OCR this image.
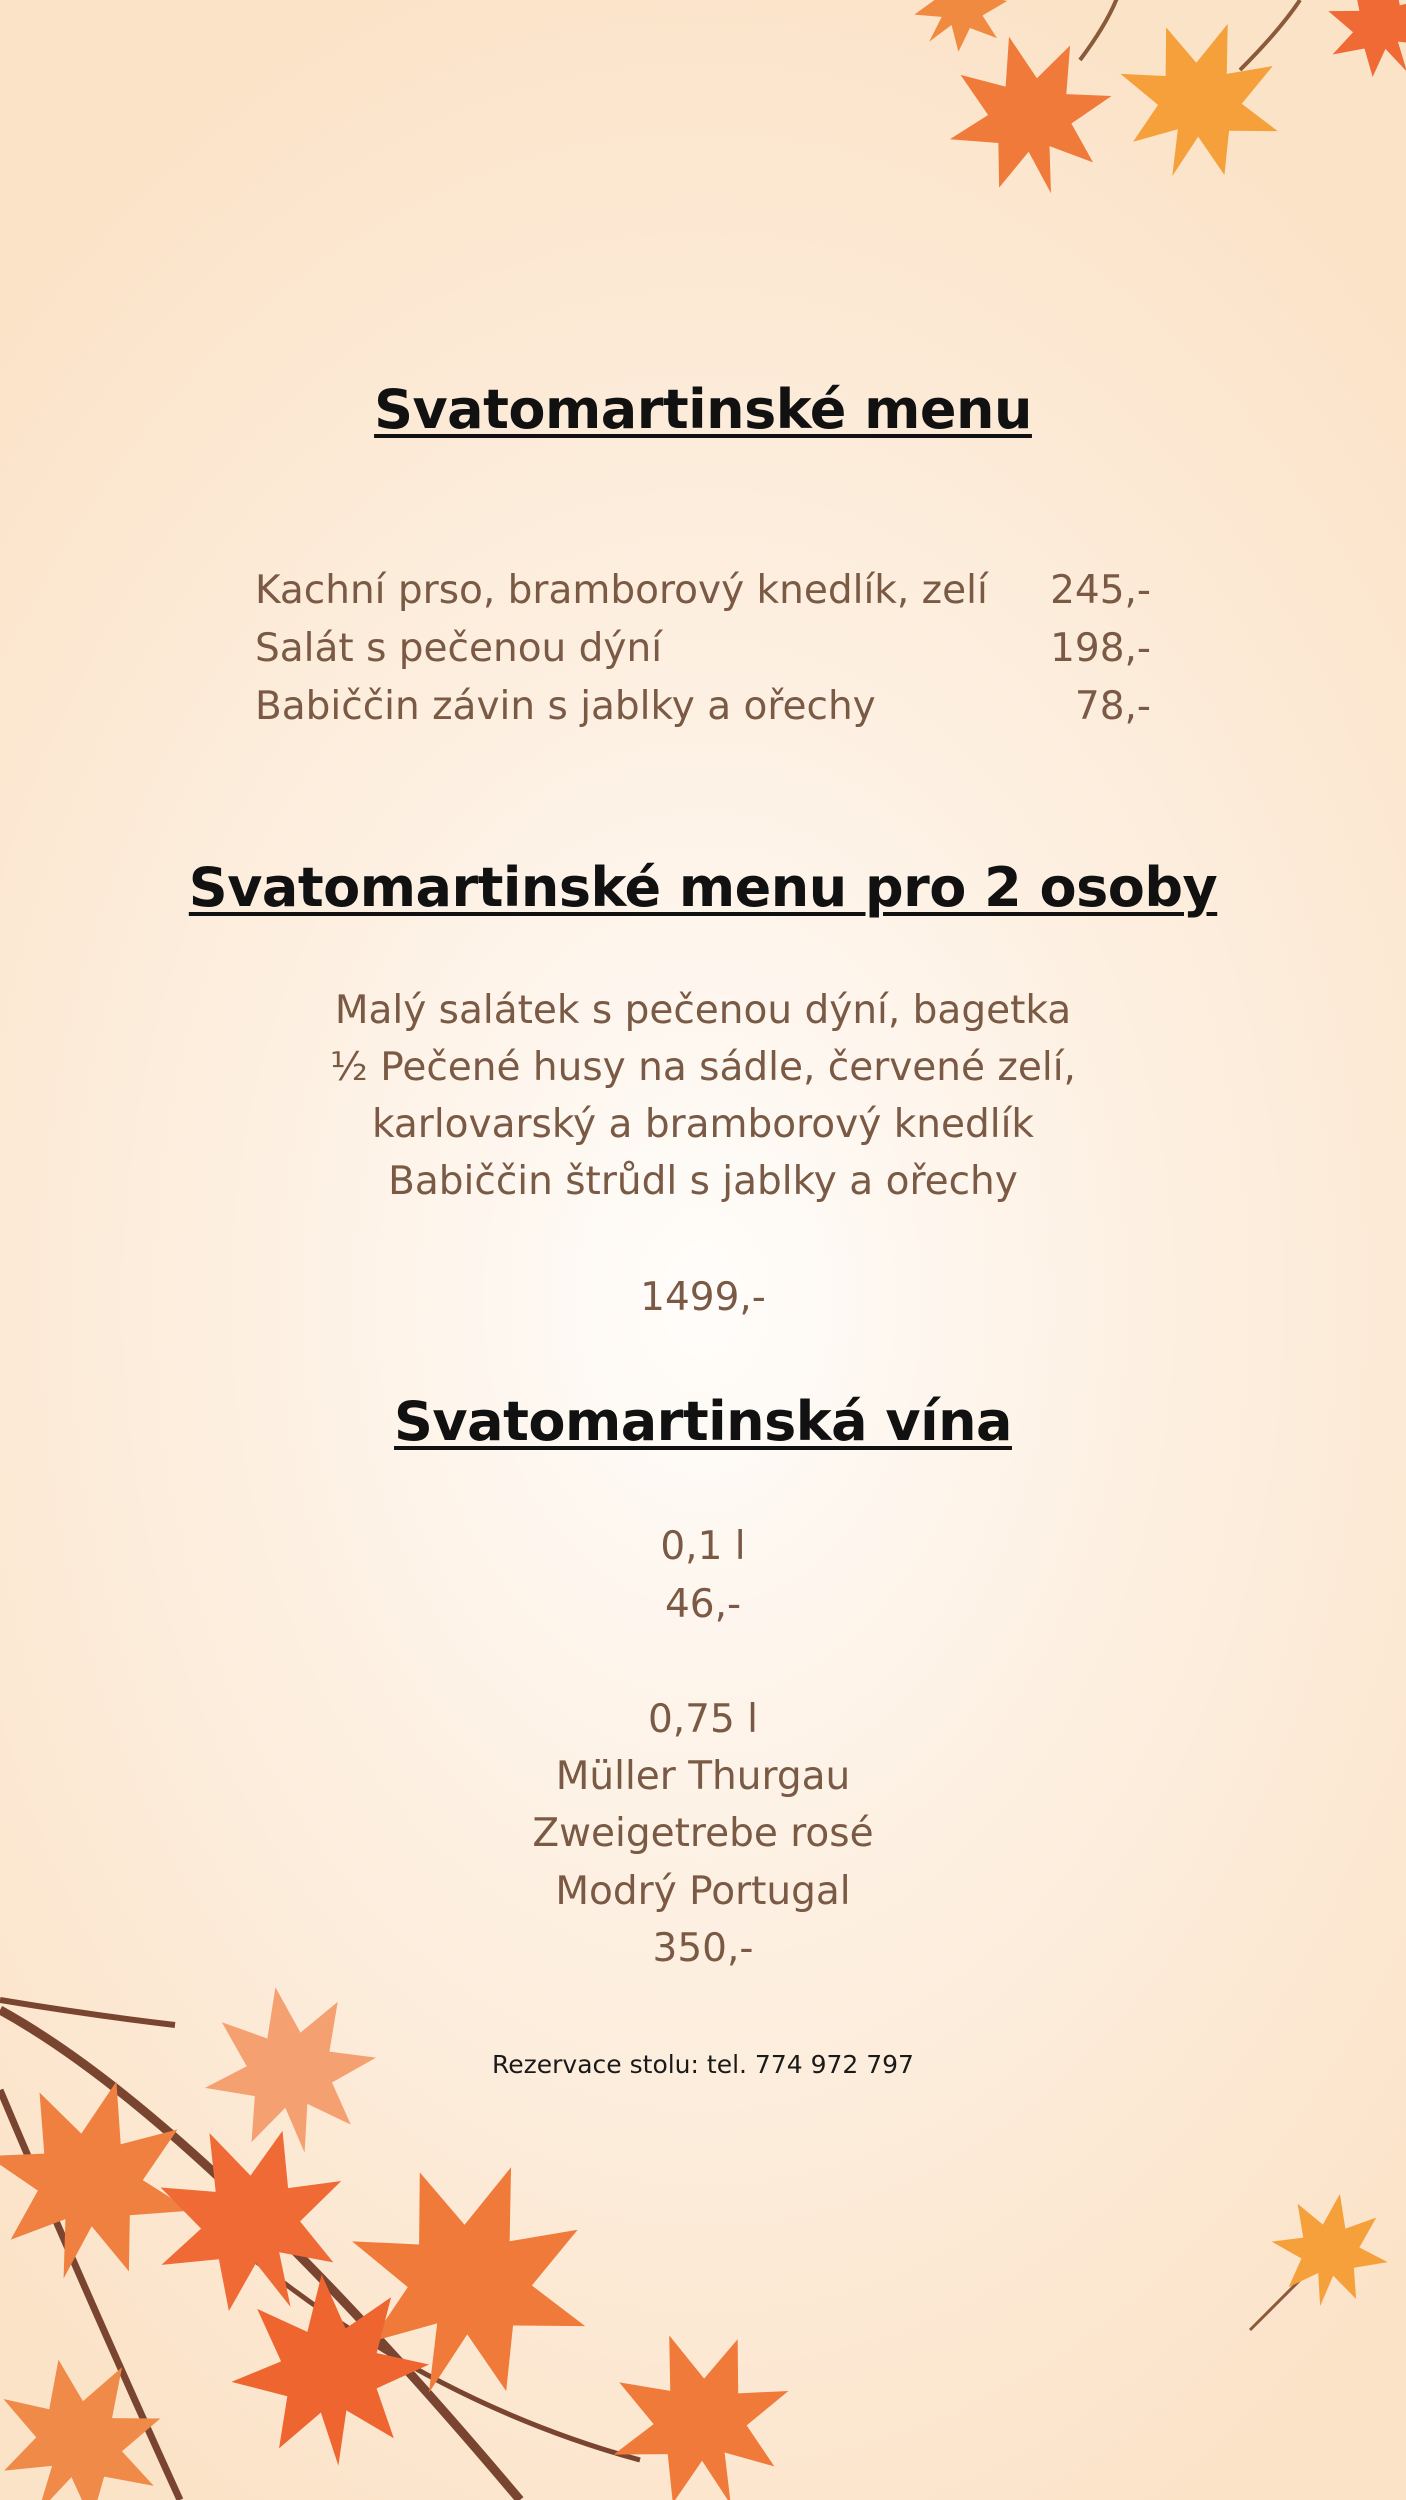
Svatomartinské menu
Kachní prso, bramborový knedlík, zelí 245,-
Salát s pečenou dýní	198,-
Babiččin závin s jablky a ořechy	78,-
Svatomartinské menu pro 2 osoby
Malý salátek s pečenou dýní, bagetka
½ Pečené husy na sádle, červené zelí,
karlovarský a bramborový knedlík
Babiččin štrůdl s jablky a ořechy
1499,-
Svatomartinská vína
0,1 l
46,-
0,75 l
Müller Thurgau
Zweigetrebe rosé
Modrý Portugal
350,-
Rezervace stolu: tel. 774 972 797
